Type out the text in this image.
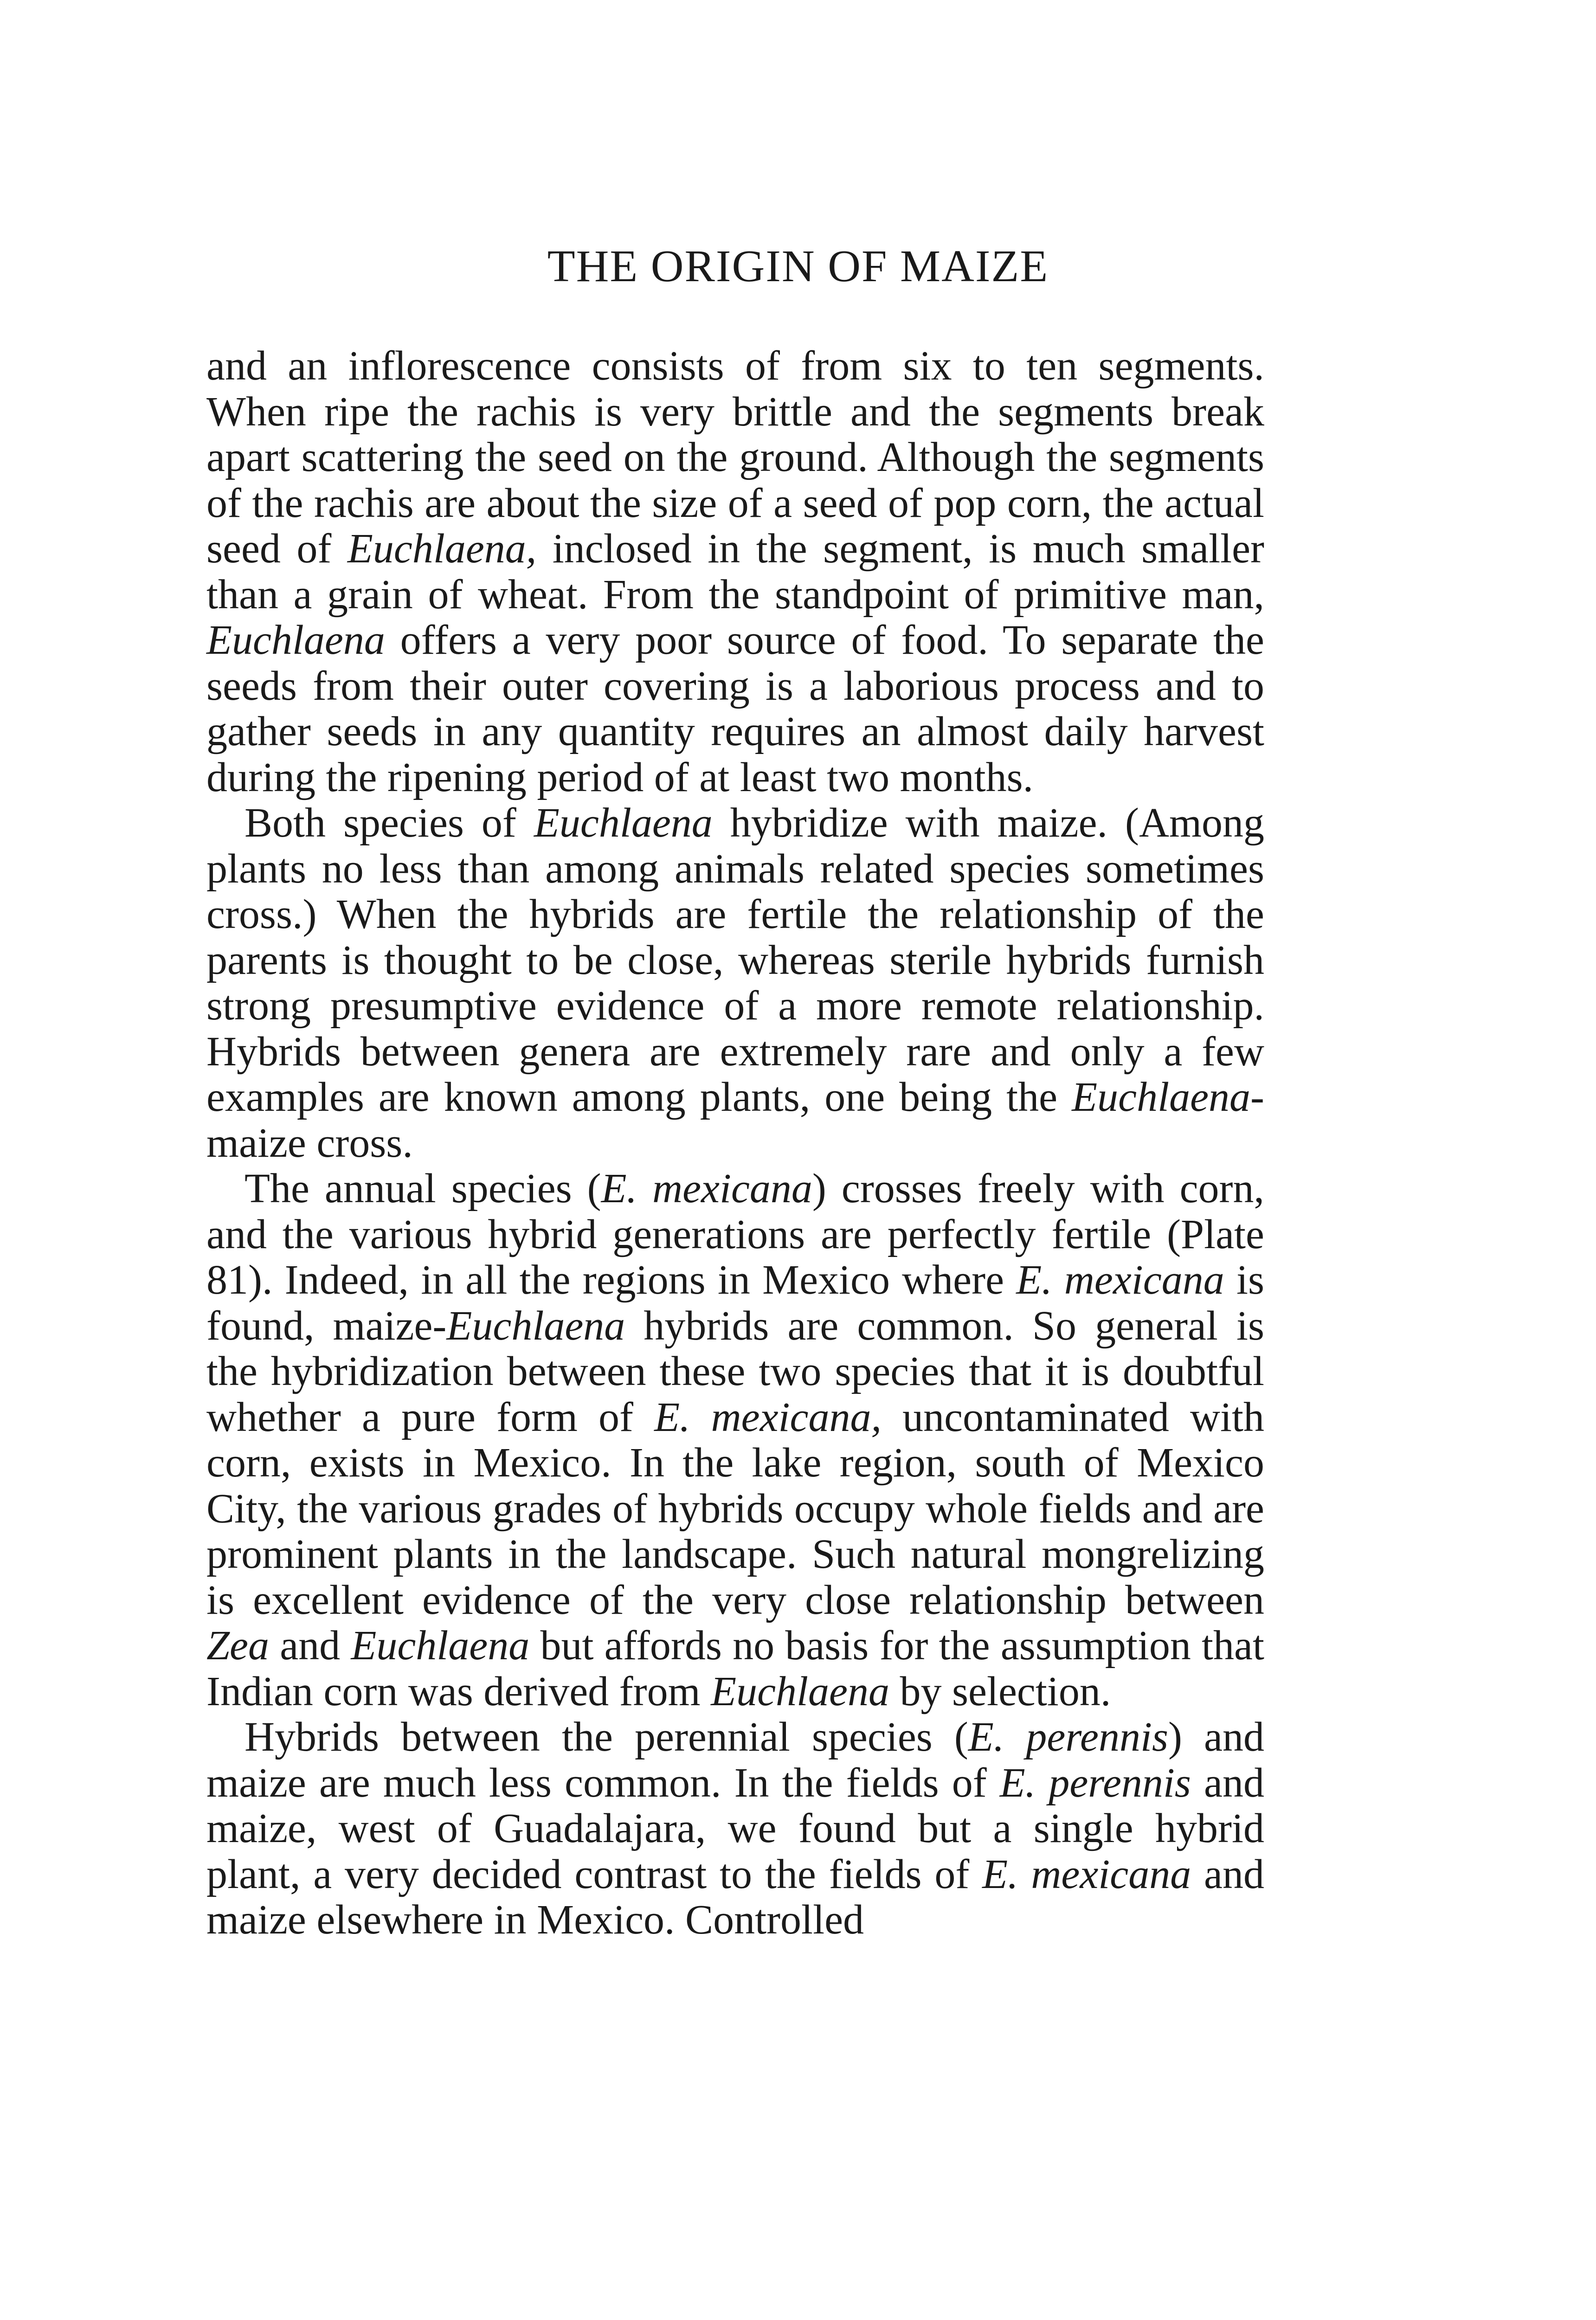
THE ORIGIN OF MAIZE

and an inflorescence consists of from six to ten segments. When ripe the rachis is very brittle and the segments break apart scattering the seed on the ground. Although the segments of the rachis are about the size of a seed of pop corn, the actual seed of Euchlaena, inclosed in the segment, is much smaller than a grain of wheat. From the standpoint of primitive man, Euchlaena offers a very poor source of food. To separate the seeds from their outer covering is a laborious process and to gather seeds in any quantity requires an almost daily harvest during the ripening period of at least two months.

Both species of Euchlaena hybridize with maize. (Among plants no less than among animals related species sometimes cross.) When the hybrids are fertile the relationship of the parents is thought to be close, whereas sterile hybrids furnish strong presumptive evidence of a more remote relationship. Hybrids between genera are extremely rare and only a few examples are known among plants, one being the Euchlaena-maize cross.

The annual species (E. mexicana) crosses freely with corn, and the various hybrid generations are perfectly fertile (Plate 81). Indeed, in all the regions in Mexico where E. mexicana is found, maize-Euchlaena hybrids are common. So general is the hybridization between these two species that it is doubtful whether a pure form of E. mexicana, uncontaminated with corn, exists in Mexico. In the lake region, south of Mexico City, the various grades of hybrids occupy whole fields and are prominent plants in the landscape. Such natural mongrelizing is excellent evidence of the very close relationship between Zea and Euchlaena but affords no basis for the assumption that Indian corn was derived from Euchlaena by selection.

Hybrids between the perennial species (E. perennis) and maize are much less common. In the fields of E. perennis and maize, west of Guadalajara, we found but a single hybrid plant, a very decided contrast to the fields of E. mexicana and maize elsewhere in Mexico. Controlled
